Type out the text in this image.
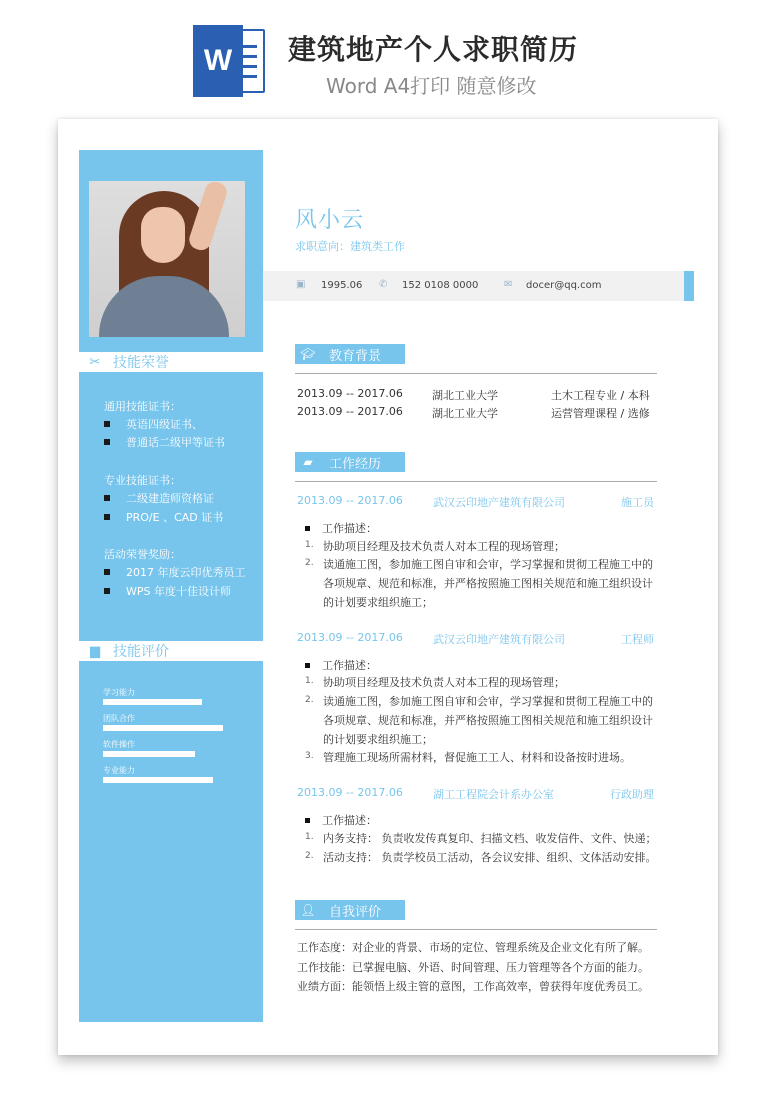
W	建筑地产个人求职简历
Word A4打印 随意修改
✂ 技能荣誉
通用技能证书：
英语四级证书、
普通话二级甲等证书
专业技能证书：
二级建造师资格证
PRO/E 、CAD 证书
活动荣誉奖励：
2017 年度云印优秀员工
WPS 年度十佳设计师
▆ 技能评价
风小云
求职意向：建筑类工作
▣ 1995.06 ✆ 152 0108 0000	✉ docer@qq.com
🎓︎ 教育背景
2013.09 -- 2017.06	湖北工业大学	土木工程专业 / 本科
2013.09 -- 2017.06	湖北工业大学	运营管理课程 / 选修
▰	工作经历
2013.09 -- 2017.06	武汉云印地产建筑有限公司	施工员
工作描述：
1. 协助项目经理及技术负责人对本工程的现场管理；
2. 读通施工图，参加施工图自审和会审，学习掌握和贯彻工程施工中的
各项规章、规范和标准，并严格按照施工图相关规范和施工组织设计
的计划要求组织施工；
2013.09 -- 2017.06	武汉云印地产建筑有限公司	工程师
工作描述：
1. 协助项目经理及技术负责人对本工程的现场管理；
2. 读通施工图，参加施工图自审和会审，学习掌握和贯彻工程施工中的
各项规章、规范和标准，并严格按照施工图相关规范和施工组织设计
的计划要求组织施工；
3. 管理施工现场所需材料，督促施工工人、材料和设备按时进场。
2013.09 -- 2017.06	湖工工程院会计系办公室	行政助理
工作描述：
1. 内务支持： 负责收发传真复印、扫描文档、收发信件、文件、快递；
2. 活动支持： 负责学校员工活动，各会议安排、组织、文体活动安排。
👤︎ 自我评价
工作态度：对企业的背景、市场的定位、管理系统及企业文化有所了解。
工作技能：已掌握电脑、外语、时间管理、压力管理等各个方面的能力。
业绩方面：能领悟上级主管的意图，工作高效率，曾获得年度优秀员工。
学习能力
团队合作
软件操作
专业能力
